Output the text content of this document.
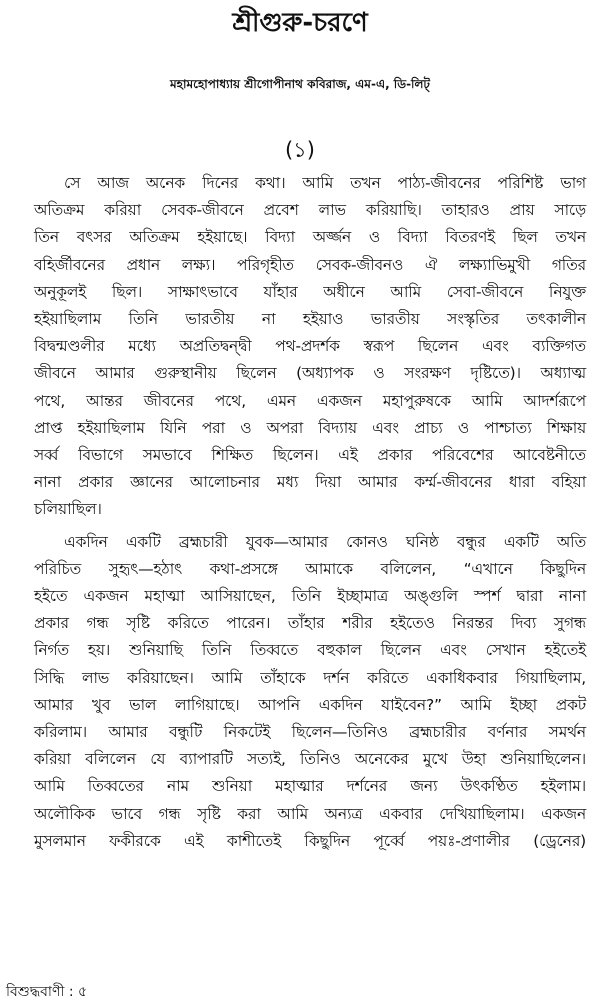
শ্রীগুরু-চরণে
মহামহোপাধ্যায় শ্রীগোপীনাথ কবিরাজ, এম-এ, ডি-লিট্
(১)

সে আজ অনেক দিনের কথা। আমি তখন পাঠ্য-জীবনের পরিশিষ্ট ভাগ
অতিক্রম করিয়া সেবক-জীবনে প্রবেশ লাভ করিয়াছি। তাহারও প্রায় সাড়ে
তিন বৎসর অতিক্রম হইয়াছে। বিদ্যা অর্জ্জন ও বিদ্যা বিতরণই ছিল তখন
বহির্জীবনের প্রধান লক্ষ্য। পরিগৃহীত সেবক-জীবনও ঐ লক্ষ্যাভিমুখী গতির
অনুকূলই ছিল। সাক্ষাৎভাবে যাঁহার অধীনে আমি সেবা-জীবনে নিযুক্ত
হইয়াছিলাম তিনি ভারতীয় না হইয়াও ভারতীয় সংস্কৃতির তৎকালীন
বিদ্বন্মণ্ডলীর মধ্যে অপ্রতিদ্বন্দ্বী পথ-প্রদর্শক স্বরূপ ছিলেন এবং ব্যক্তিগত
জীবনে আমার গুরুস্থানীয় ছিলেন (অধ্যাপক ও সংরক্ষণ দৃষ্টিতে)। অধ্যাত্ম
পথে, আন্তর জীবনের পথে, এমন একজন মহাপুরুষকে আমি আদর্শরূপে
প্রাপ্ত হইয়াছিলাম যিনি পরা ও অপরা বিদ্যায় এবং প্রাচ্য ও পাশ্চাত্য শিক্ষায়
সর্ব্ব বিভাগে সমভাবে শিক্ষিত ছিলেন। এই প্রকার পরিবেশের আবেষ্টনীতে
নানা প্রকার জ্ঞানের আলোচনার মধ্য দিয়া আমার কর্ম্ম-জীবনের ধারা বহিয়া
চলিয়াছিল।

একদিন একটি ব্রহ্মচারী যুবক—আমার কোনও ঘনিষ্ঠ বন্ধুর একটি অতি
পরিচিত সুহৃৎ—হঠাৎ কথা-প্রসঙ্গে আমাকে বলিলেন, “এখানে কিছুদিন
হইতে একজন মহাত্মা আসিয়াছেন, তিনি ইচ্ছামাত্র অঙ্গুলি স্পর্শ দ্বারা নানা
প্রকার গন্ধ সৃষ্টি করিতে পারেন। তাঁহার শরীর হইতেও নিরন্তর দিব্য সুগন্ধ
নির্গত হয়। শুনিয়াছি তিনি তিব্বতে বহুকাল ছিলেন এবং সেখান হইতেই
সিদ্ধি লাভ করিয়াছেন। আমি তাঁহাকে দর্শন করিতে একাধিকবার গিয়াছিলাম,
আমার খুব ভাল লাগিয়াছে। আপনি একদিন যাইবেন?” আমি ইচ্ছা প্রকট
করিলাম। আমার বন্ধুটি নিকটেই ছিলেন—তিনিও ব্রহ্মচারীর বর্ণনার সমর্থন
করিয়া বলিলেন যে ব্যাপারটি সত্যই, তিনিও অনেকের মুখে উহা শুনিয়াছিলেন।
আমি তিব্বতের নাম শুনিয়া মহাত্মার দর্শনের জন্য উৎকণ্ঠিত হইলাম।
অলৌকিক ভাবে গন্ধ সৃষ্টি করা আমি অন্যত্র একবার দেখিয়াছিলাম। একজন
মুসলমান ফকীরকে এই কাশীতেই কিছুদিন পূর্ব্বে পয়ঃ-প্রণালীর (ড্রেনের)

বিশুদ্ধবাণী : ৫
